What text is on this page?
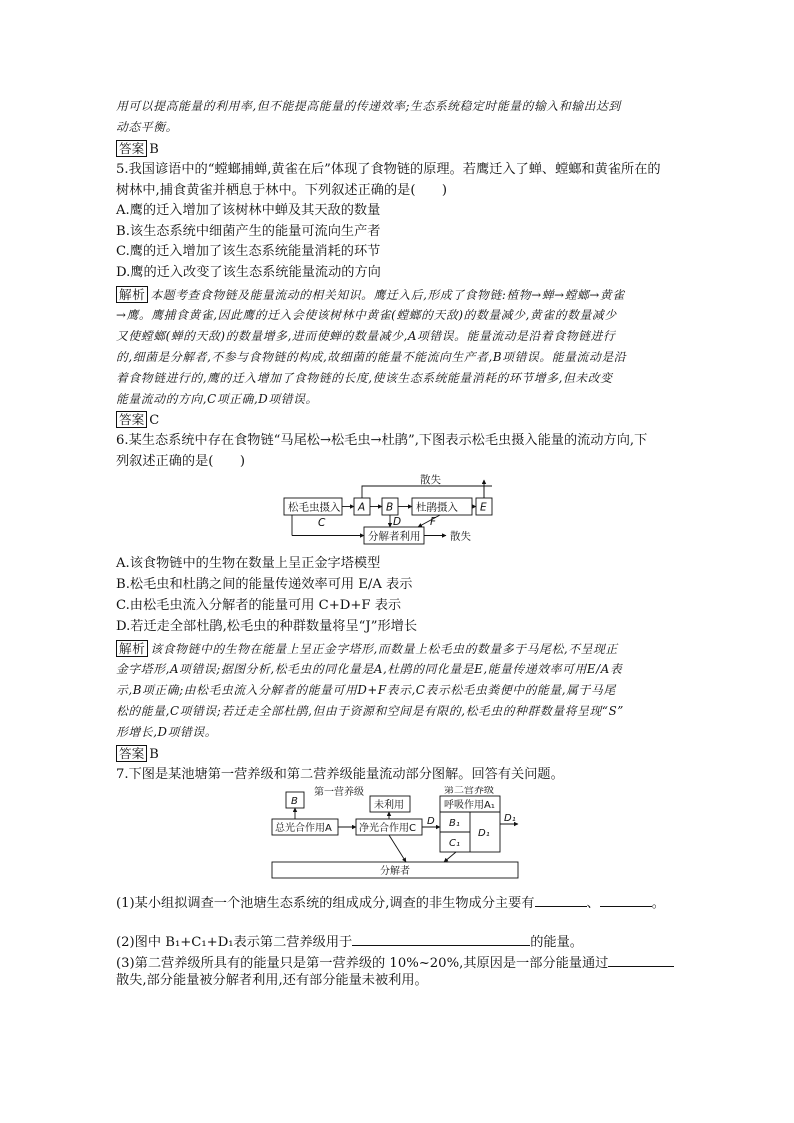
用可以提高能量的利用率,但不能提高能量的传递效率;生态系统稳定时能量的输入和输出达到
动态平衡。
答案 B
5.我国谚语中的“螳螂捕蝉,黄雀在后”体现了食物链的原理。若鹰迁入了蝉、螳螂和黄雀所在的
树林中,捕食黄雀并栖息于林中。下列叙述正确的是(　　)
A.鹰的迁入增加了该树林中蝉及其天敌的数量
B.该生态系统中细菌产生的能量可流向生产者
C.鹰的迁入增加了该生态系统能量消耗的环节
D.鹰的迁入改变了该生态系统能量流动的方向
解析 本题考查食物链及能量流动的相关知识。鹰迁入后,形成了食物链:植物→蝉→螳螂→黄雀
→鹰。鹰捕食黄雀,因此鹰的迁入会使该树林中黄雀(螳螂的天敌)的数量减少,黄雀的数量减少
又使螳螂(蝉的天敌)的数量增多,进而使蝉的数量减少,A项错误。能量流动是沿着食物链进行
的,细菌是分解者,不参与食物链的构成,故细菌的能量不能流向生产者,B项错误。能量流动是沿
着食物链进行的,鹰的迁入增加了食物链的长度,使该生态系统能量消耗的环节增多,但未改变
能量流动的方向,C项正确,D项错误。
答案 C
6.某生态系统中存在食物链“马尾松→松毛虫→杜鹃”,下图表示松毛虫摄入能量的流动方向,下
列叙述正确的是(　　)
松毛虫摄入 A B 杜鹃摄入 E
散失
C	D	F
分解者利用	散失
A.该食物链中的生物在数量上呈正金字塔模型
B.松毛虫和杜鹃之间的能量传递效率可用 E/A 表示
C.由松毛虫流入分解者的能量可用 C+D+F 表示
D.若迁走全部杜鹃,松毛虫的种群数量将呈“J”形增长
解析 该食物链中的生物在能量上呈正金字塔形,而数量上松毛虫的数量多于马尾松,不呈现正
金字塔形,A项错误;据图分析,松毛虫的同化量是A,杜鹃的同化量是E,能量传递效率可用E/A表
示,B项正确;由松毛虫流入分解者的能量可用D+F表示,C表示松毛虫粪便中的能量,属于马尾
松的能量,C项错误;若迁走全部杜鹃,但由于资源和空间是有限的,松毛虫的种群数量将呈现“S”
形增长,D项错误。
答案 B
7.下图是某池塘第一营养级和第二营养级能量流动部分图解。回答有关问题。
B
第一营养级
未利用
第二营养级
呼吸作用A₁
总光合作用A	净光合作用C
D B₁
C₁
D₁
D₁
分解者
(1)某小组拟调查一个池塘生态系统的组成成分,调查的非生物成分主要有	、	。
(2)图中 B₁+C₁+D₁表示第二营养级用于	的能量。
(3)第二营养级所具有的能量只是第一营养级的 10%~20%,其原因是一部分能量通过
散失,部分能量被分解者利用,还有部分能量未被利用。
